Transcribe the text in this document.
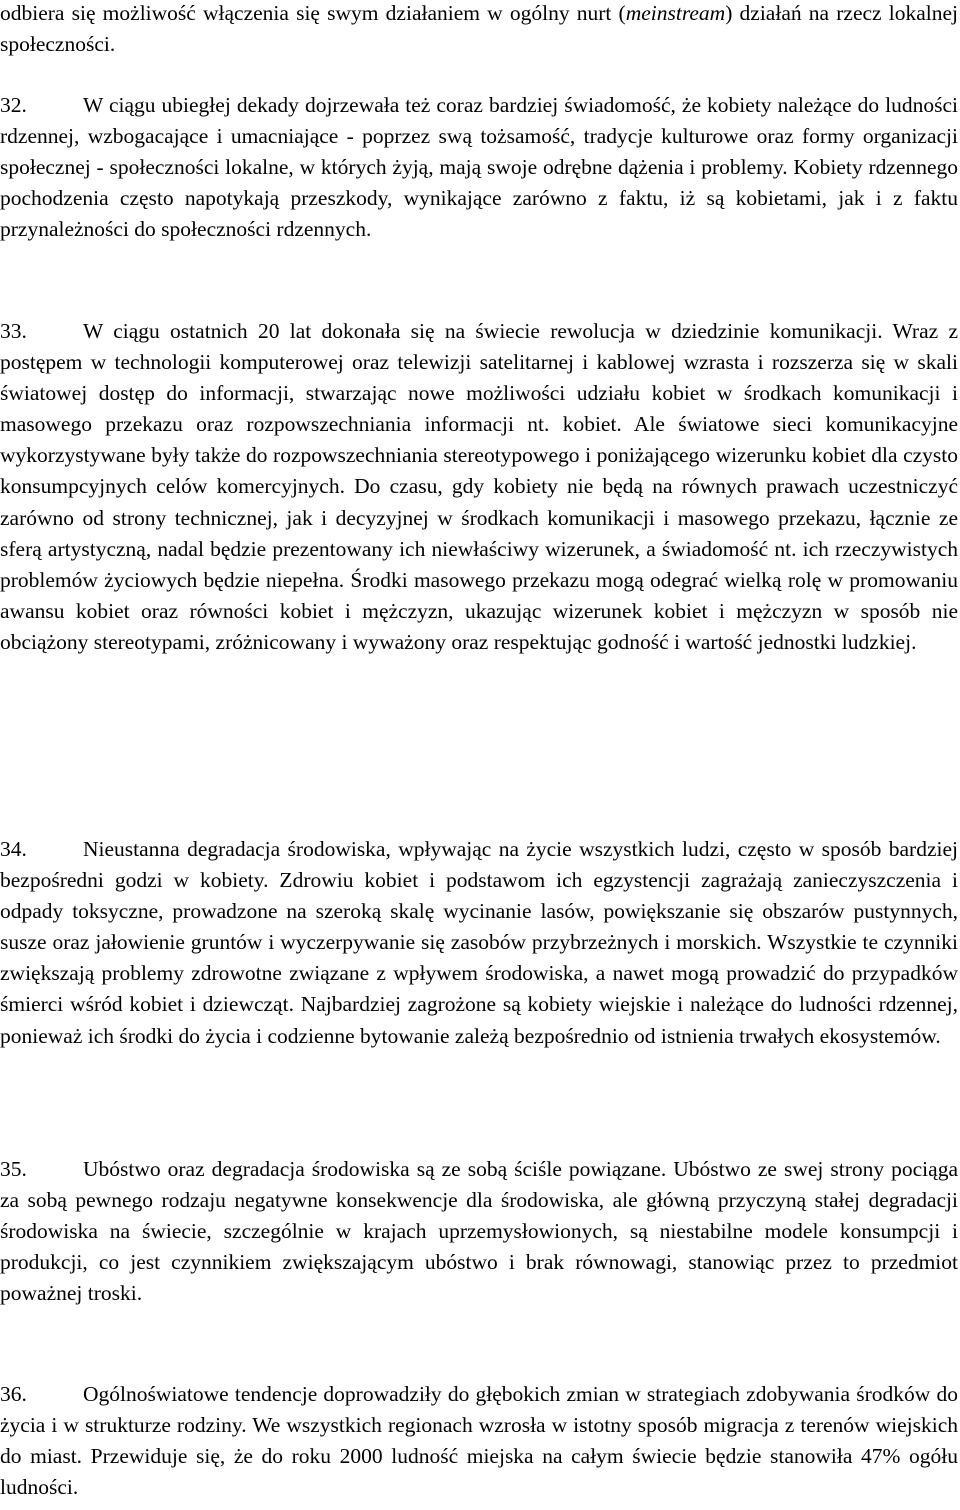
odbiera się możliwość włączenia się swym działaniem w ogólny nurt (meinstream) działań na rzecz lokalnej społeczności.

32.	W ciągu ubiegłej dekady dojrzewała też coraz bardziej świadomość, że kobiety należące do ludności rdzennej, wzbogacające i umacniające - poprzez swą tożsamość, tradycje kulturowe oraz formy organizacji społecznej - społeczności lokalne, w których żyją, mają swoje odrębne dążenia i problemy. Kobiety rdzennego pochodzenia często napotykają przeszkody, wynikające zarówno z faktu, iż są kobietami, jak i z faktu przynależności do społeczności rdzennych.

33.	W ciągu ostatnich 20 lat dokonała się na świecie rewolucja w dziedzinie komunikacji. Wraz z postępem w technologii komputerowej oraz telewizji satelitarnej i kablowej wzrasta i rozszerza się w skali światowej dostęp do informacji, stwarzając nowe możliwości udziału kobiet w środkach komunikacji i masowego przekazu oraz rozpowszechniania informacji nt. kobiet. Ale światowe sieci komunikacyjne wykorzystywane były także do rozpowszechniania stereotypowego i poniżającego wizerunku kobiet dla czysto konsumpcyjnych celów komercyjnych. Do czasu, gdy kobiety nie będą na równych prawach uczestniczyć zarówno od strony technicznej, jak i decyzyjnej w środkach komunikacji i masowego przekazu, łącznie ze sferą artystyczną, nadal będzie prezentowany ich niewłaściwy wizerunek, a świadomość nt. ich rzeczywistych problemów życiowych będzie niepełna. Środki masowego przekazu mogą odegrać wielką rolę w promowaniu awansu kobiet oraz równości kobiet i mężczyzn, ukazując wizerunek kobiet i mężczyzn w sposób nie obciążony stereotypami, zróżnicowany i wyważony oraz respektując godność i wartość jednostki ludzkiej.

34.	Nieustanna degradacja środowiska, wpływając na życie wszystkich ludzi, często w sposób bardziej bezpośredni godzi w kobiety. Zdrowiu kobiet i podstawom ich egzystencji zagrażają zanieczyszczenia i odpady toksyczne, prowadzone na szeroką skalę wycinanie lasów, powiększanie się obszarów pustynnych, susze oraz jałowienie gruntów i wyczerpywanie się zasobów przybrzeżnych i morskich. Wszystkie te czynniki zwiększają problemy zdrowotne związane z wpływem środowiska, a nawet mogą prowadzić do przypadków śmierci wśród kobiet i dziewcząt. Najbardziej zagrożone są kobiety wiejskie i należące do ludności rdzennej, ponieważ ich środki do życia i codzienne bytowanie zależą bezpośrednio od istnienia trwałych ekosystemów.

35.	Ubóstwo oraz degradacja środowiska są ze sobą ściśle powiązane. Ubóstwo ze swej strony pociąga za sobą pewnego rodzaju negatywne konsekwencje dla środowiska, ale główną przyczyną stałej degradacji środowiska na świecie, szczególnie w krajach uprzemysłowionych, są niestabilne modele konsumpcji i produkcji, co jest czynnikiem zwiększającym ubóstwo i brak równowagi, stanowiąc przez to przedmiot poważnej troski.

36.	Ogólnoświatowe tendencje doprowadziły do głębokich zmian w strategiach zdobywania środków do życia i w strukturze rodziny. We wszystkich regionach wzrosła w istotny sposób migracja z terenów wiejskich do miast. Przewiduje się, że do roku 2000 ludność miejska na całym świecie będzie stanowiła 47% ogółu ludności.
